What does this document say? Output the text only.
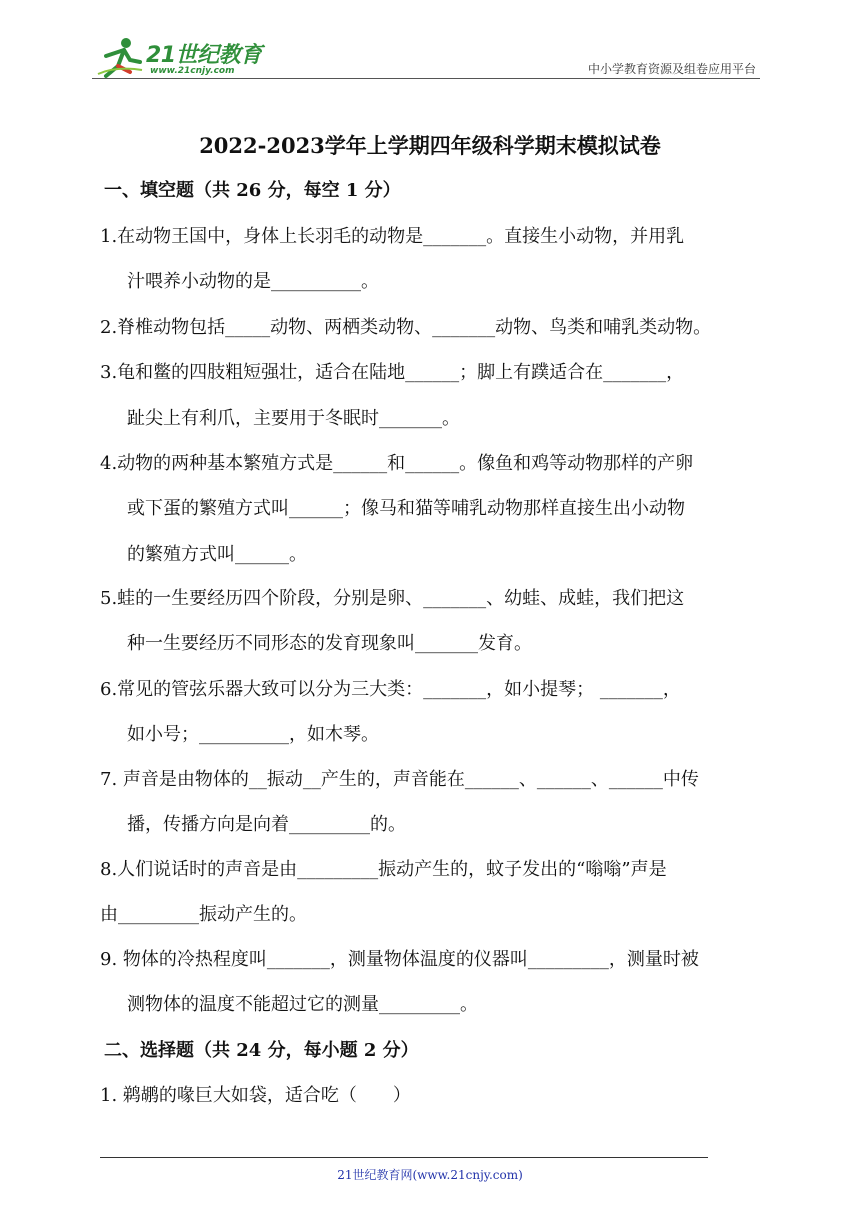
21世纪教育
www.21cnjy.com	中小学教育资源及组卷应用平台
2022-2023学年上学期四年级科学期末模拟试卷
一、填空题（共 26 分，每空 1 分）
1.在动物王国中，身体上长羽毛的动物是_______。直接生小动物，并用乳
汁喂养小动物的是__________。
2.脊椎动物包括_____动物、两栖类动物、_______动物、鸟类和哺乳类动物。
3.龟和鳖的四肢粗短强壮，适合在陆地______；脚上有蹼适合在_______，
趾尖上有利爪，主要用于冬眠时_______。
4.动物的两种基本繁殖方式是______和______。像鱼和鸡等动物那样的产卵
或下蛋的繁殖方式叫______；像马和猫等哺乳动物那样直接生出小动物
的繁殖方式叫______。
5.蛙的一生要经历四个阶段，分别是卵、_______、幼蛙、成蛙，我们把这
种一生要经历不同形态的发育现象叫_______发育。
6.常见的管弦乐器大致可以分为三大类：_______，如小提琴； _______，
如小号；__________，如木琴。
7. 声音是由物体的__振动__产生的，声音能在______、______、______中传
播，传播方向是向着_________的。
8.人们说话时的声音是由_________振动产生的，蚊子发出的“嗡嗡”声是
由_________振动产生的。
9. 物体的冷热程度叫_______，测量物体温度的仪器叫_________，测量时被
测物体的温度不能超过它的测量_________。
二、选择题（共 24 分，每小题 2 分）
1. 鹈鹕的喙巨大如袋，适合吃（　　）
21世纪教育网(www.21cnjy.com)
